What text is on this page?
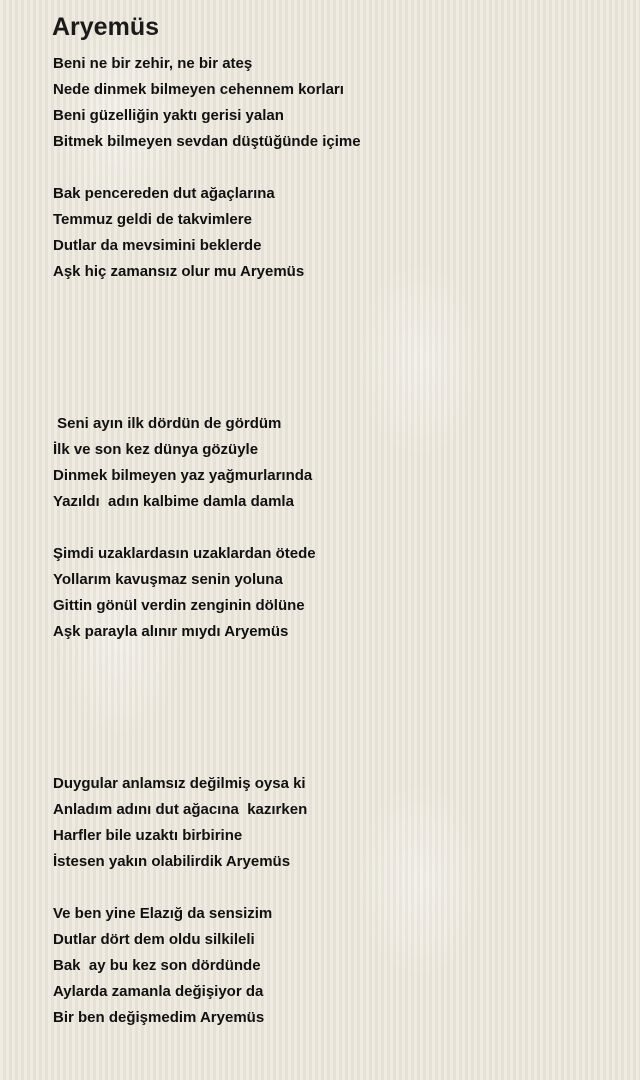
Aryemüs

Beni ne bir zehir, ne bir ateş

Nede dinmek bilmeyen cehennem korları

Beni güzelliğin yaktı gerisi yalan

Bitmek bilmeyen sevdan düştüğünde içime

Bak pencereden dut ağaçlarına

Temmuz geldi de takvimlere

Dutlar da mevsimini beklerde

Aşk hiç zamansız olur mu Aryemüs

Seni ayın ilk dördün de gördüm

İlk ve son kez dünya gözüyle

Dinmek bilmeyen yaz yağmurlarında

Yazıldı  adın kalbime damla damla

Şimdi uzaklardasın uzaklardan ötede

Yollarım kavuşmaz senin yoluna

Gittin gönül verdin zenginin dölüne

Aşk parayla alınır mıydı Aryemüs

Duygular anlamsız değilmiş oysa ki

Anladım adını dut ağacına  kazırken

Harfler bile uzaktı birbirine

İstesen yakın olabilirdik Aryemüs

Ve ben yine Elazığ da sensizim

Dutlar dört dem oldu silkileli

Bak  ay bu kez son dördünde

Aylarda zamanla değişiyor da

Bir ben değişmedim Aryemüs
